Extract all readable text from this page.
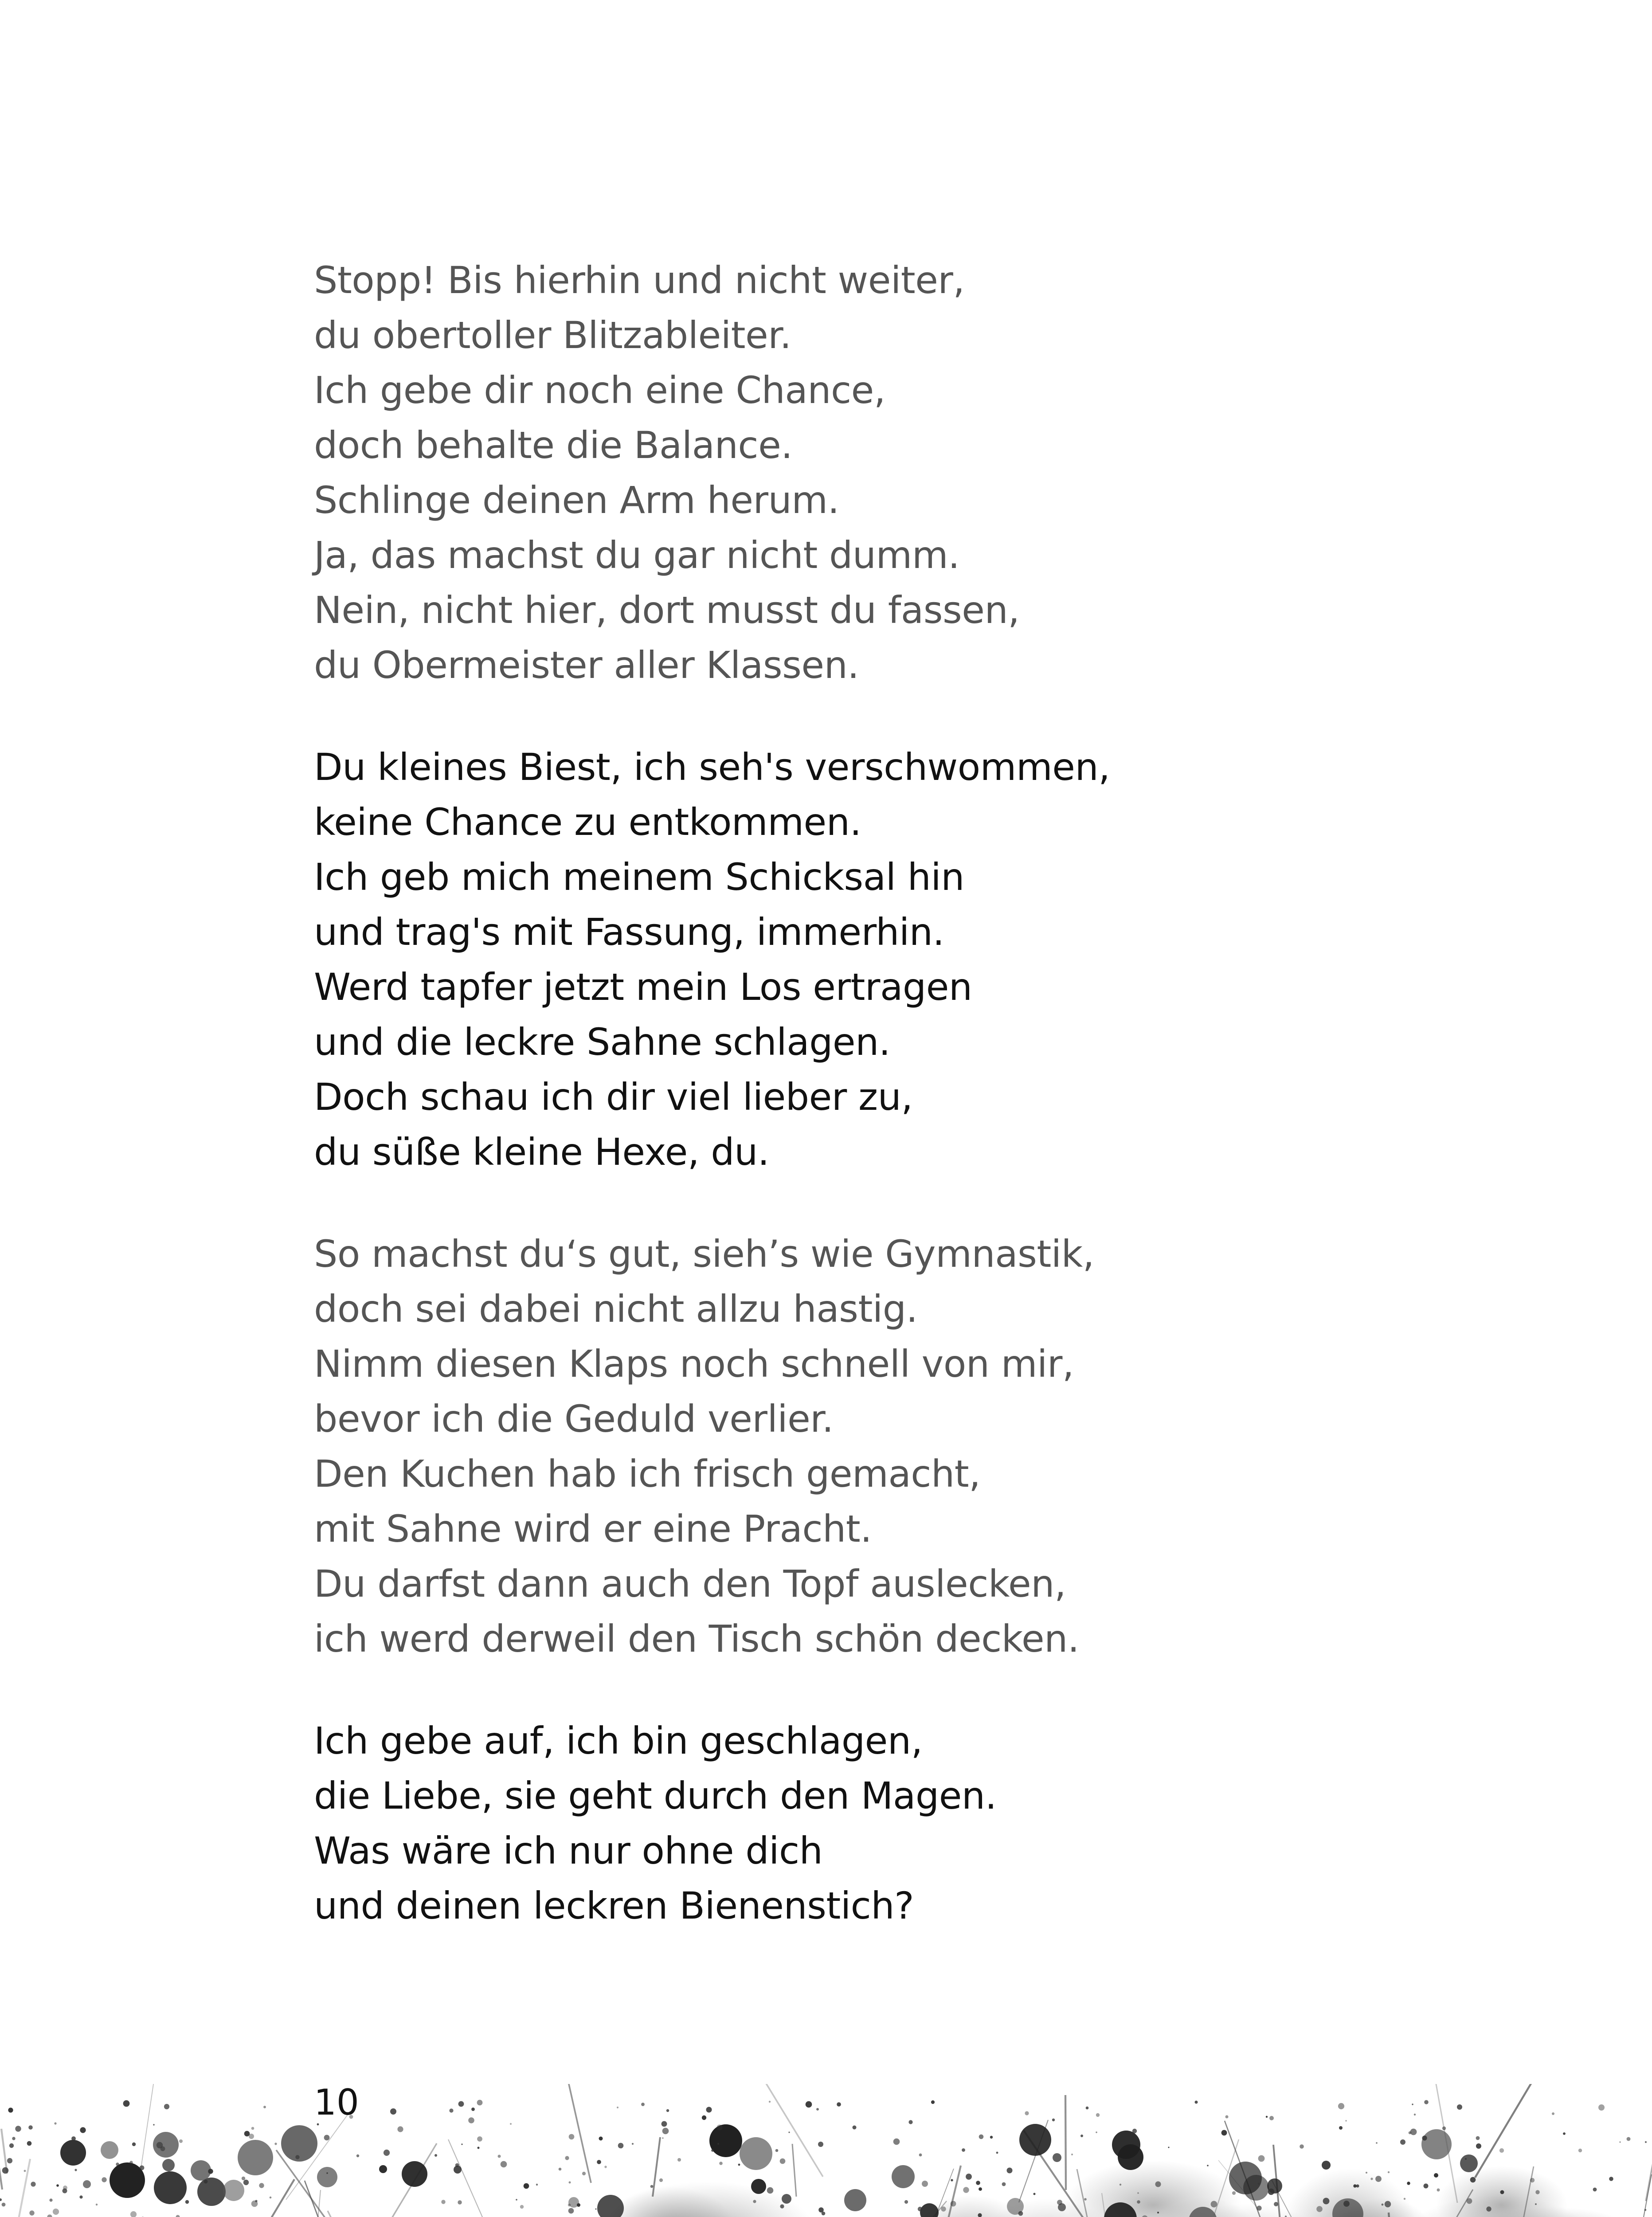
Stopp! Bis hierhin und nicht weiter,
du obertoller Blitzableiter.
Ich gebe dir noch eine Chance,
doch behalte die Balance.
Schlinge deinen Arm herum.
Ja, das machst du gar nicht dumm.
Nein, nicht hier, dort musst du fassen,
du Obermeister aller Klassen.
Du kleines Biest, ich seh's verschwommen,
keine Chance zu entkommen.
Ich geb mich meinem Schicksal hin
und trag's mit Fassung, immerhin.
Werd tapfer jetzt mein Los ertragen
und die leckre Sahne schlagen.
Doch schau ich dir viel lieber zu,
du süße kleine Hexe, du.
So machst du‘s gut, sieh’s wie Gymnastik,
doch sei dabei nicht allzu hastig.
Nimm diesen Klaps noch schnell von mir,
bevor ich die Geduld verlier.
Den Kuchen hab ich frisch gemacht,
mit Sahne wird er eine Pracht.
Du darfst dann auch den Topf auslecken,
ich werd derweil den Tisch schön decken.
Ich gebe auf, ich bin geschlagen,
die Liebe, sie geht durch den Magen.
Was wäre ich nur ohne dich
und deinen leckren Bienenstich?
10
